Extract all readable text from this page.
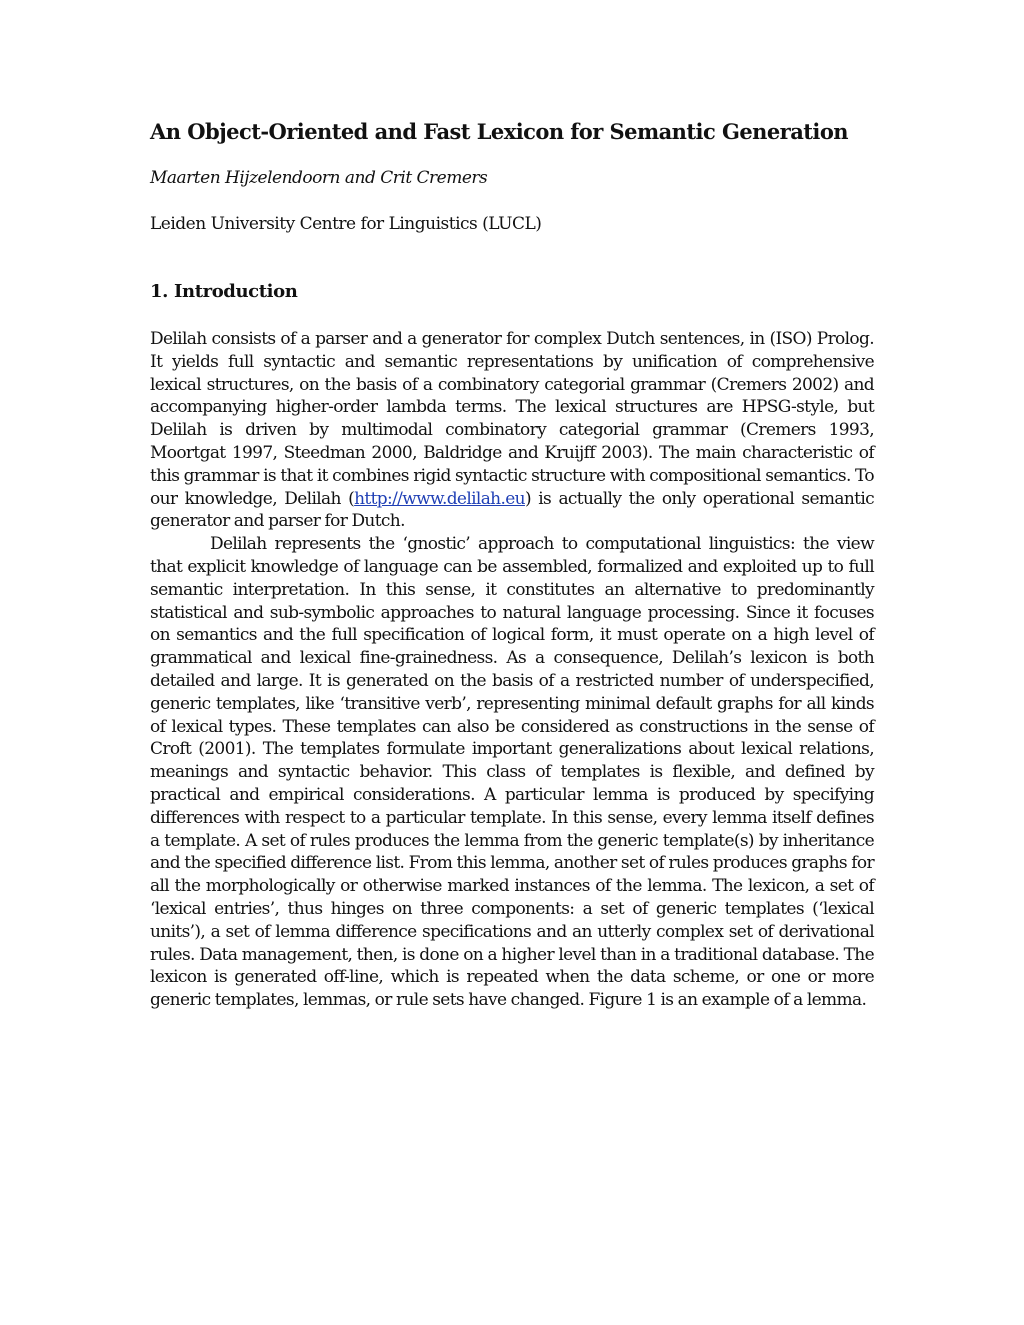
An Object-Oriented and Fast Lexicon for Semantic Generation

Maarten Hijzelendoorn and Crit Cremers

Leiden University Centre for Linguistics (LUCL)

1. Introduction

Delilah consists of a parser and a generator for complex Dutch sentences, in (ISO) Prolog. It yields full syntactic and semantic representations by unification of comprehensive lexical structures, on the basis of a combinatory categorial grammar (Cremers 2002) and accompanying higher-order lambda terms. The lexical structures are HPSG-style, but Delilah is driven by multimodal combinatory categorial grammar (Cremers 1993, Moortgat 1997, Steedman 2000, Baldridge and Kruijff 2003). The main characteristic of this grammar is that it combines rigid syntactic structure with compositional semantics. To our knowledge, Delilah (http://www.delilah.eu) is actually the only operational semantic generator and parser for Dutch.

Delilah represents the ‘gnostic’ approach to computational linguistics: the view that explicit knowledge of language can be assembled, formalized and exploited up to full semantic interpretation. In this sense, it constitutes an alternative to predominantly statistical and sub-symbolic approaches to natural language processing. Since it focuses on semantics and the full specification of logical form, it must operate on a high level of grammatical and lexical fine-grainedness. As a consequence, Delilah’s lexicon is both detailed and large. It is generated on the basis of a restricted number of underspecified, generic templates, like ‘transitive verb’, representing minimal default graphs for all kinds of lexical types. These templates can also be considered as constructions in the sense of Croft (2001). The templates formulate important generalizations about lexical relations, meanings and syntactic behavior. This class of templates is flexible, and defined by practical and empirical considerations. A particular lemma is produced by specifying differences with respect to a particular template. In this sense, every lemma itself defines a template. A set of rules produces the lemma from the generic template(s) by inheritance and the specified difference list. From this lemma, another set of rules produces graphs for all the morphologically or otherwise marked instances of the lemma. The lexicon, a set of ‘lexical entries’, thus hinges on three components: a set of generic templates (‘lexical units’), a set of lemma difference specifications and an utterly complex set of derivational rules. Data management, then, is done on a higher level than in a traditional database. The lexicon is generated off-line, which is repeated when the data scheme, or one or more generic templates, lemmas, or rule sets have changed. Figure 1 is an example of a lemma.
